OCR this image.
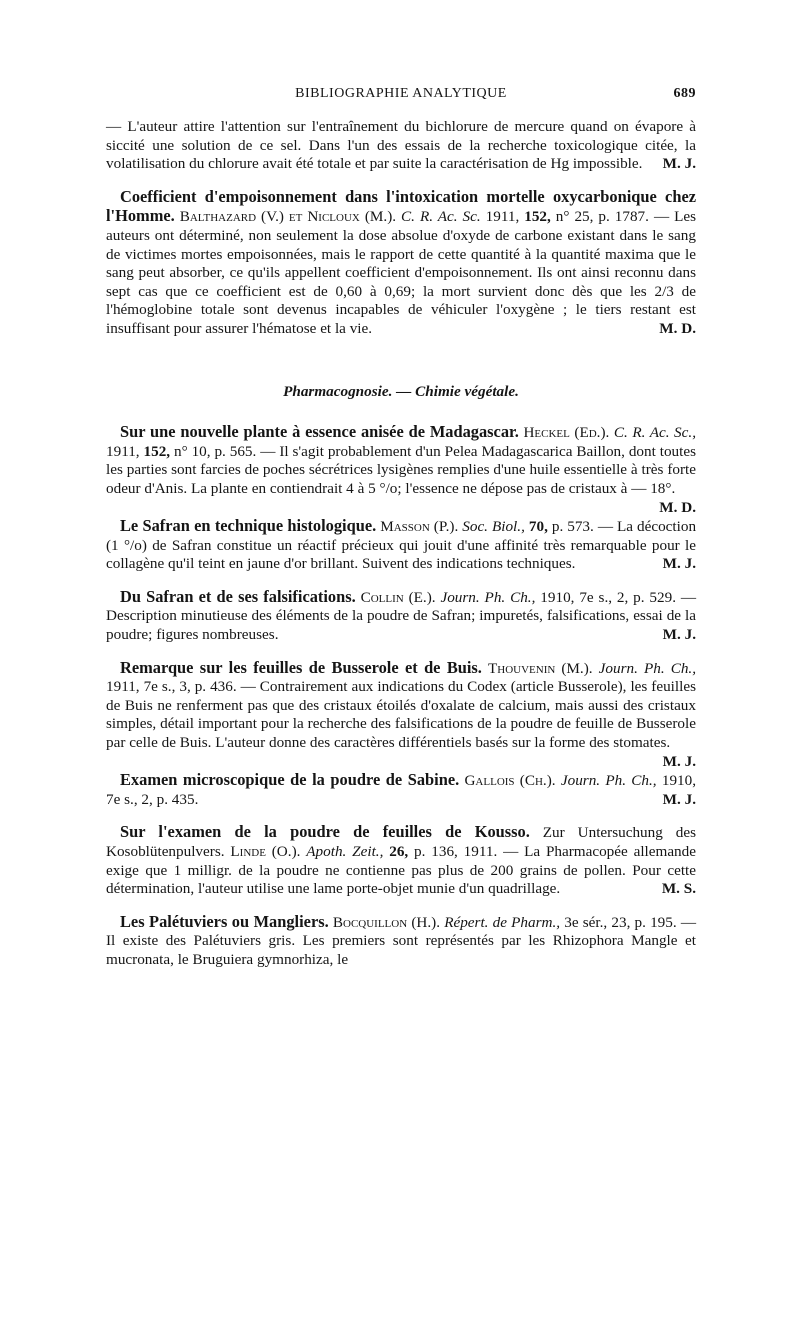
BIBLIOGRAPHIE ANALYTIQUE	689

— L'auteur attire l'attention sur l'entraînement du bichlorure de mercure quand on évapore à siccité une solution de ce sel. Dans l'un des essais de la recherche toxicologique citée, la volatilisation du chlorure avait été totale et par suite la caractérisation de Hg impossible. M. J.

Coefficient d'empoisonnement dans l'intoxication mortelle oxycarbonique chez l'Homme. Balthazard (V.) et Nicloux (M.). C. R. Ac. Sc. 1911, 152, n° 25, p. 1787. — Les auteurs ont déterminé, non seulement la dose absolue d'oxyde de carbone existant dans le sang de victimes mortes empoisonnées, mais le rapport de cette quantité à la quantité maxima que le sang peut absorber, ce qu'ils appellent coefficient d'empoisonnement. Ils ont ainsi reconnu dans sept cas que ce coefficient est de 0,60 à 0,69; la mort survient donc dès que les 2/3 de l'hémoglobine totale sont devenus incapables de véhiculer l'oxygène ; le tiers restant est insuffisant pour assurer l'hématose et la vie.	M. D.

Pharmacognosie. — Chimie végétale.

Sur une nouvelle plante à essence anisée de Madagascar. Heckel (Ed.). C. R. Ac. Sc., 1911, 152, n° 10, p. 565. — Il s'agit probablement d'un Pelea Madagascarica Baillon, dont toutes les parties sont farcies de poches sécrétrices lysigènes remplies d'une huile essentielle à très forte odeur d'Anis. La plante en contiendrait 4 à 5 °/o; l'essence ne dépose pas de cristaux à — 18°.
M. D.

Le Safran en technique histologique. Masson (P.). Soc. Biol., 70, p. 573. — La décoction (1 °/o) de Safran constitue un réactif précieux qui jouit d'une affinité très remarquable pour le collagène qu'il teint en jaune d'or brillant. Suivent des indications techniques.	M. J.

Du Safran et de ses falsifications. Collin (E.). Journ. Ph. Ch., 1910, 7e s., 2, p. 529. — Description minutieuse des éléments de la poudre de Safran; impuretés, falsifications, essai de la poudre; figures nombreuses.	M. J.

Remarque sur les feuilles de Busserole et de Buis. Thouvenin (M.). Journ. Ph. Ch., 1911, 7e s., 3, p. 436. — Contrairement aux indications du Codex (article Busserole), les feuilles de Buis ne renferment pas que des cristaux étoilés d'oxalate de calcium, mais aussi des cristaux simples, détail important pour la recherche des falsifications de la poudre de feuille de Busserole par celle de Buis. L'auteur donne des caractères différentiels basés sur la forme des stomates.
M. J.

Examen microscopique de la poudre de Sabine. Gallois (Ch.). Journ. Ph. Ch., 1910, 7e s., 2, p. 435.	M. J.

Sur l'examen de la poudre de feuilles de Kousso. Zur Untersuchung des Kosoblütenpulvers. Linde (O.). Apoth. Zeit., 26, p. 136, 1911. — La Pharmacopée allemande exige que 1 milligr. de la poudre ne contienne pas plus de 200 grains de pollen. Pour cette détermination, l'auteur utilise une lame porte-objet munie d'un quadrillage.	M. S.

Les Palétuviers ou Mangliers. Bocquillon (H.). Répert. de Pharm., 3e sér., 23, p. 195. — Il existe des Palétuviers gris. Les premiers sont représentés par les Rhizophora Mangle et mucronata, le Bruguiera gymnorhiza, le
